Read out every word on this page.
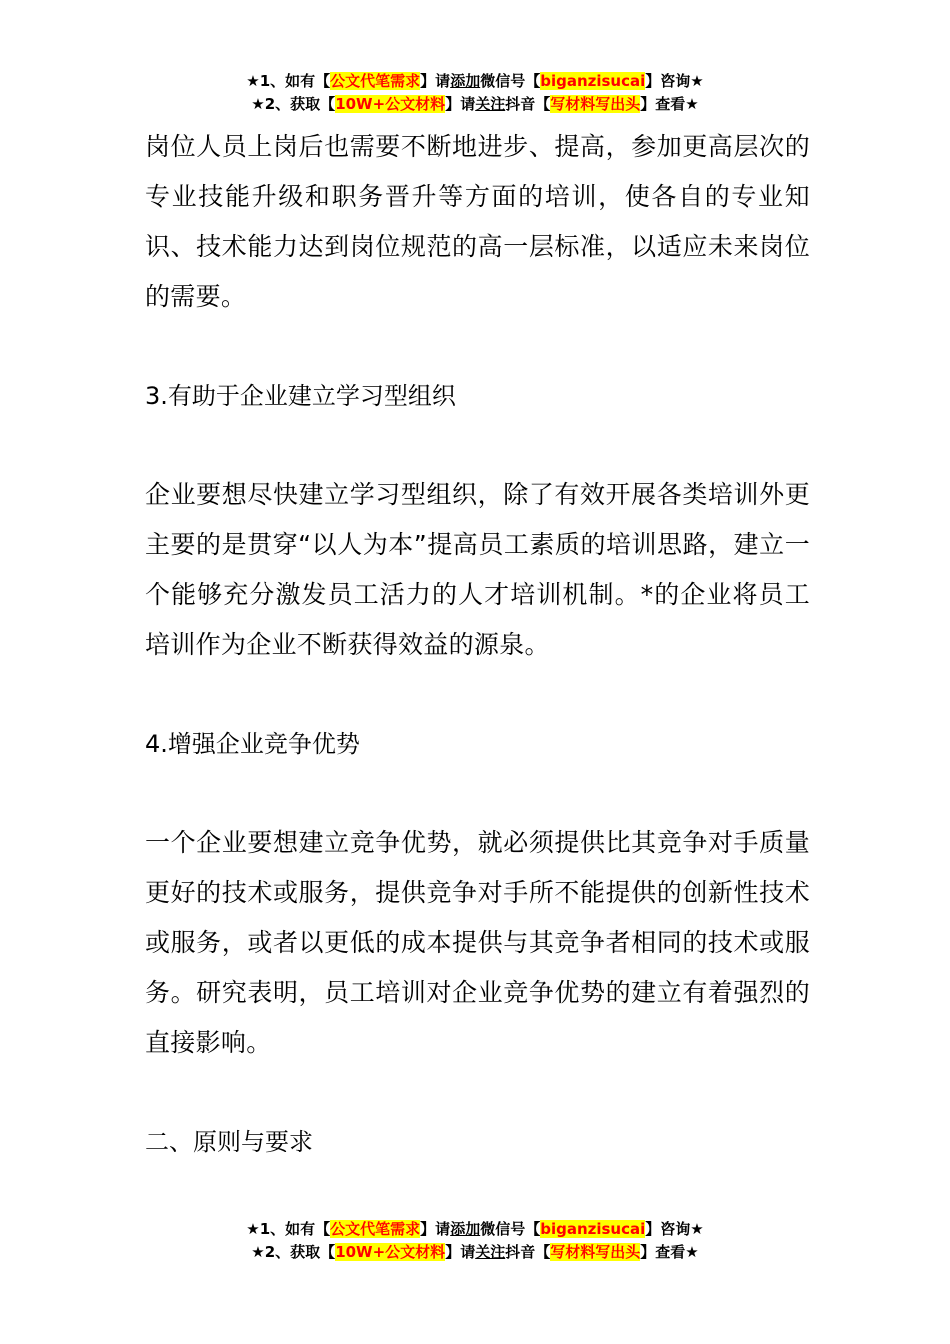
★1、如有【公文代笔需求】请添加微信号【biganzisucai】咨询★
★2、获取【10W+公文材料】请关注抖音【写材料写出头】查看★

岗位人员上岗后也需要不断地进步、提高，参加更高层次的专业技能升级和职务晋升等方面的培训，使各自的专业知识、技术能力达到岗位规范的高一层标准，以适应未来岗位的需要。

3.有助于企业建立学习型组织

企业要想尽快建立学习型组织，除了有效开展各类培训外更主要的是贯穿“以人为本”提高员工素质的培训思路，建立一个能够充分激发员工活力的人才培训机制。*的企业将员工培训作为企业不断获得效益的源泉。

4.增强企业竞争优势

一个企业要想建立竞争优势，就必须提供比其竞争对手质量更好的技术或服务，提供竞争对手所不能提供的创新性技术或服务，或者以更低的成本提供与其竞争者相同的技术或服务。研究表明，员工培训对企业竞争优势的建立有着强烈的直接影响。

二、原则与要求

★1、如有【公文代笔需求】请添加微信号【biganzisucai】咨询★
★2、获取【10W+公文材料】请关注抖音【写材料写出头】查看★
